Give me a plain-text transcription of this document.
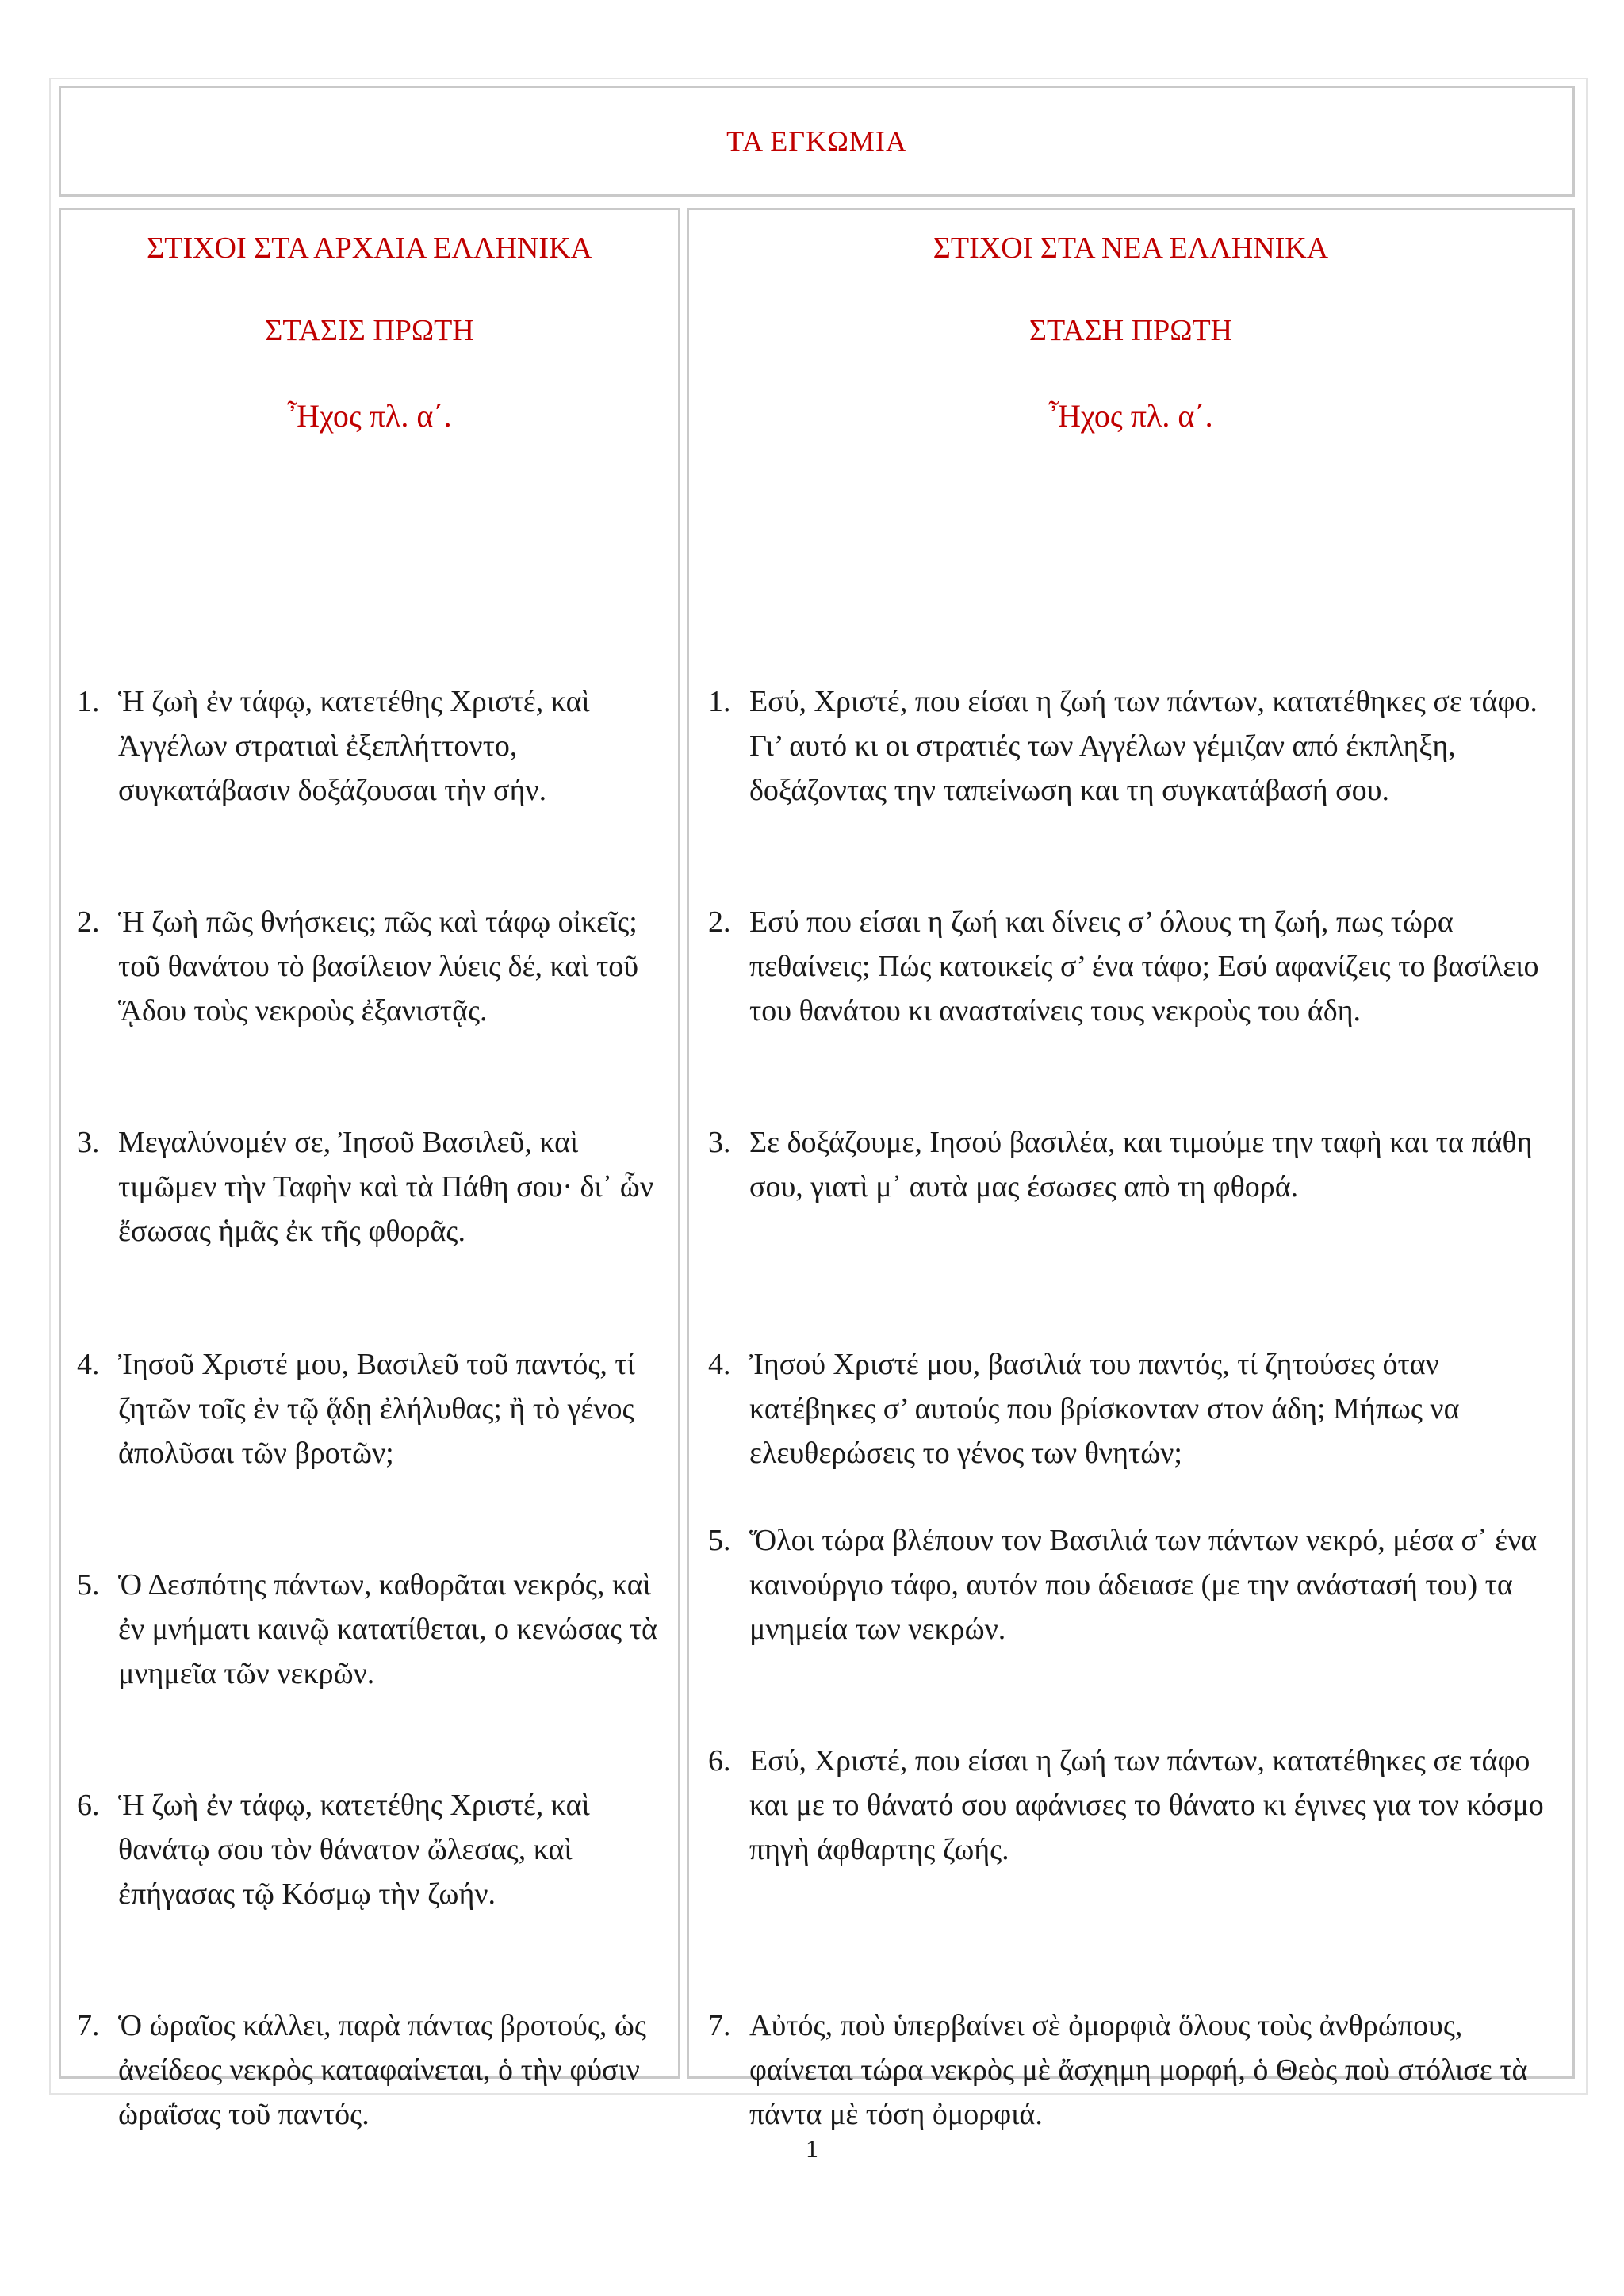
ΤΑ ΕΓΚΩΜΙΑ

ΣΤΙΧΟΙ ΣΤΑ ΑΡΧΑΙΑ ΕΛΛΗΝΙΚΑ

ΣΤΑΣΙΣ ΠΡΩΤΗ

Ἦχος πλ. α΄.

1. Ἡ ζωὴ ἐν τάφῳ, κατετέθης Χριστέ, καὶ Ἀγγέλων στρατιαὶ ἐξεπλήττοντο, συγκατάβασιν δοξάζουσαι τὴν σήν.
2. Ἡ ζωὴ πῶς θνήσκεις; πῶς καὶ τάφῳ οἰκεῖς; τοῦ θανάτου τὸ βασίλειον λύεις δέ, καὶ τοῦ ᾍδου τοὺς νεκροὺς ἐξανιστᾷς.
3. Μεγαλύνομέν σε, Ἰησοῦ Βασιλεῦ, καὶ τιμῶμεν τὴν Ταφὴν καὶ τὰ Πάθη σου· δι᾽ ὧν ἔσωσας ἡμᾶς ἐκ τῆς φθορᾶς.
4. Ἰησοῦ Χριστέ μου, Βασιλεῦ τοῦ παντός, τί ζητῶν τοῖς ἐν τῷ ᾅδῃ ἐλήλυθας; ἢ τὸ γένος ἀπολῦσαι τῶν βροτῶν;
5. Ὁ Δεσπότης πάντων, καθορᾶται νεκρός, καὶ ἐν μνήματι καινῷ κατατίθεται, ο κενώσας τὰ μνημεῖα τῶν νεκρῶν.
6. Ἡ ζωὴ ἐν τάφῳ, κατετέθης Χριστέ, καὶ θανάτῳ σου τὸν θάνατον ὤλεσας, καὶ ἐπήγασας τῷ Κόσμῳ τὴν ζωήν.
7. Ὁ ὡραῖος κάλλει, παρὰ πάντας βροτούς, ὡς ἀνείδεος νεκρὸς καταφαίνεται, ὁ τὴν φύσιν ὡραΐσας τοῦ παντός.

ΣΤΙΧΟΙ ΣΤΑ ΝΕΑ ΕΛΛΗΝΙΚΑ

ΣΤΑΣΗ ΠΡΩΤΗ

Ἦχος πλ. α΄.

1. Εσύ, Χριστέ, που είσαι η ζωή των πάντων, κατατέθηκες σε τάφο. Γι’ αυτό κι οι στρατιές των Αγγέλων γέμιζαν από έκπληξη, δοξάζοντας την ταπείνωση και τη συγκατάβασή σου.
2. Εσύ που είσαι η ζωή και δίνεις σ’ όλους τη ζωή, πως τώρα πεθαίνεις; Πώς κατοικείς σ’ ένα τάφο; Εσύ αφανίζεις το βασίλειο του θανάτου κι ανασταίνεις τους νεκροὺς του άδη.
3. Σε δοξάζουμε, Ιησού βασιλέα, και τιμούμε την ταφὴ και τα πάθη σου, γιατὶ μ᾽ αυτὰ μας έσωσες απὸ τη φθορά.
4. Ἰησού Χριστέ μου, βασιλιά του παντός, τί ζητούσες όταν κατέβηκες σ’ αυτούς που βρίσκονταν στον άδη; Μήπως να ελευθερώσεις το γένος των θνητών;
5. Ὅλοι τώρα βλέπουν τον Βασιλιά των πάντων νεκρό, μέσα σ᾽ ένα καινούργιο τάφο, αυτόν που άδειασε (με την ανάστασή του) τα μνημεία των νεκρών.
6. Εσύ, Χριστέ, που είσαι η ζωή των πάντων, κατατέθηκες σε τάφο και με το θάνατό σου αφάνισες το θάνατο κι έγινες για τον κόσμο πηγὴ άφθαρτης ζωής.
7. Αὐτός, ποὺ ὑπερβαίνει σὲ ὀμορφιὰ ὅλους τοὺς ἀνθρώπους, φαίνεται τώρα νεκρὸς μὲ ἄσχημη μορφή, ὁ Θεὸς ποὺ στόλισε τὰ πάντα μὲ τόση ὀμορφιά.
1
